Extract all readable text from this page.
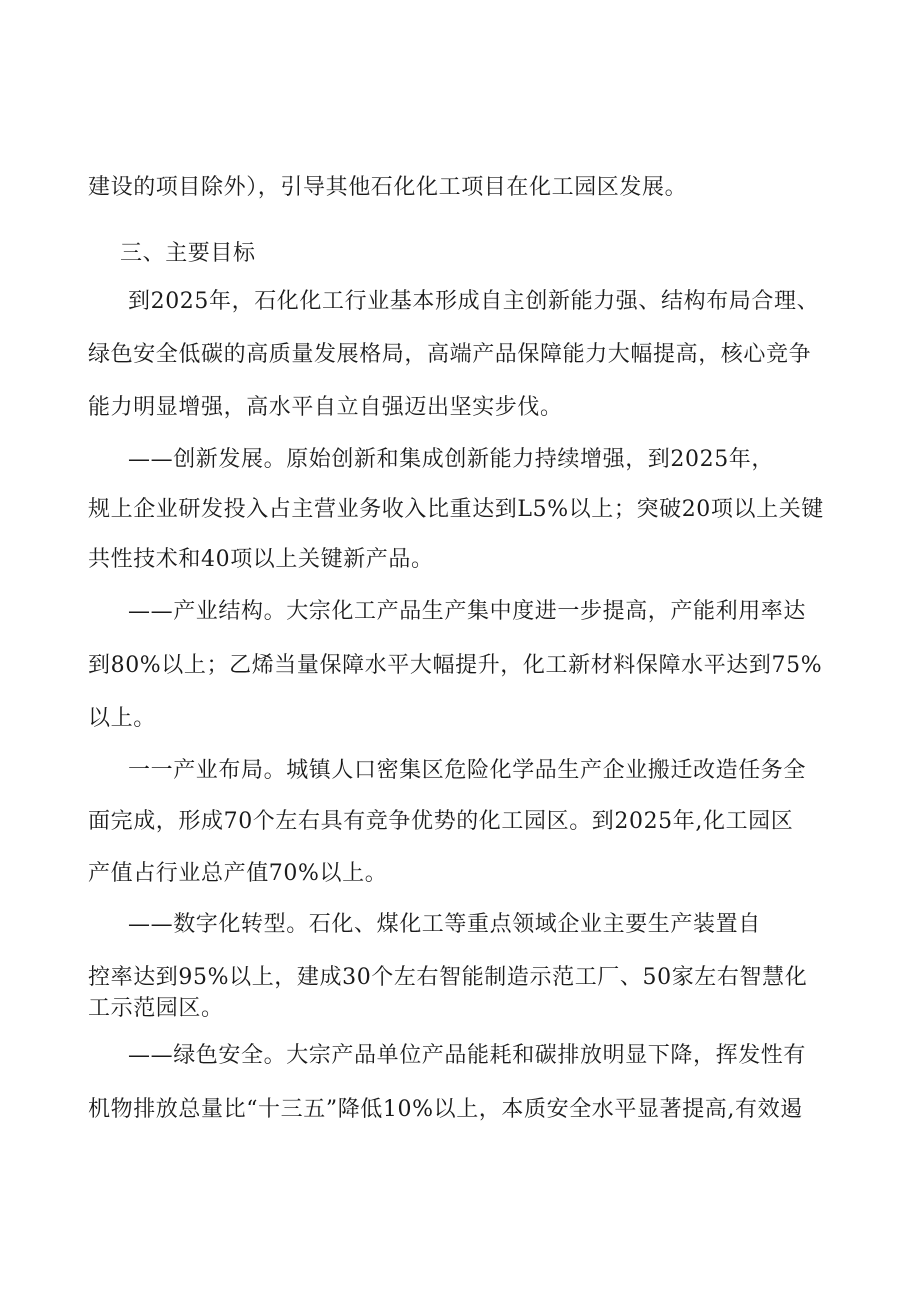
建设的项目除外），引导其他石化化工项目在化工园区发展。
三、主要目标
到2025年，石化化工行业基本形成自主创新能力强、结构布局合理、
绿色安全低碳的高质量发展格局，高端产品保障能力大幅提高，核心竞争
能力明显增强，高水平自立自强迈出坚实步伐。
——创新发展。原始创新和集成创新能力持续增强，到2025年，
规上企业研发投入占主营业务收入比重达到L5%以上；突破20项以上关键
共性技术和40项以上关键新产品。
——产业结构。大宗化工产品生产集中度进一步提高，产能利用率达
到80%以上；乙烯当量保障水平大幅提升，化工新材料保障水平达到75%
以上。
一一产业布局。城镇人口密集区危险化学品生产企业搬迁改造任务全
面完成，形成70个左右具有竞争优势的化工园区。到2025年,化工园区
产值占行业总产值70%以上。
——数字化转型。石化、煤化工等重点领域企业主要生产装置自
控率达到95%以上，建成30个左右智能制造示范工厂、50家左右智慧化
工示范园区。
——绿色安全。大宗产品单位产品能耗和碳排放明显下降，挥发性有
机物排放总量比“十三五”降低10%以上，本质安全水平显著提高,有效遏
